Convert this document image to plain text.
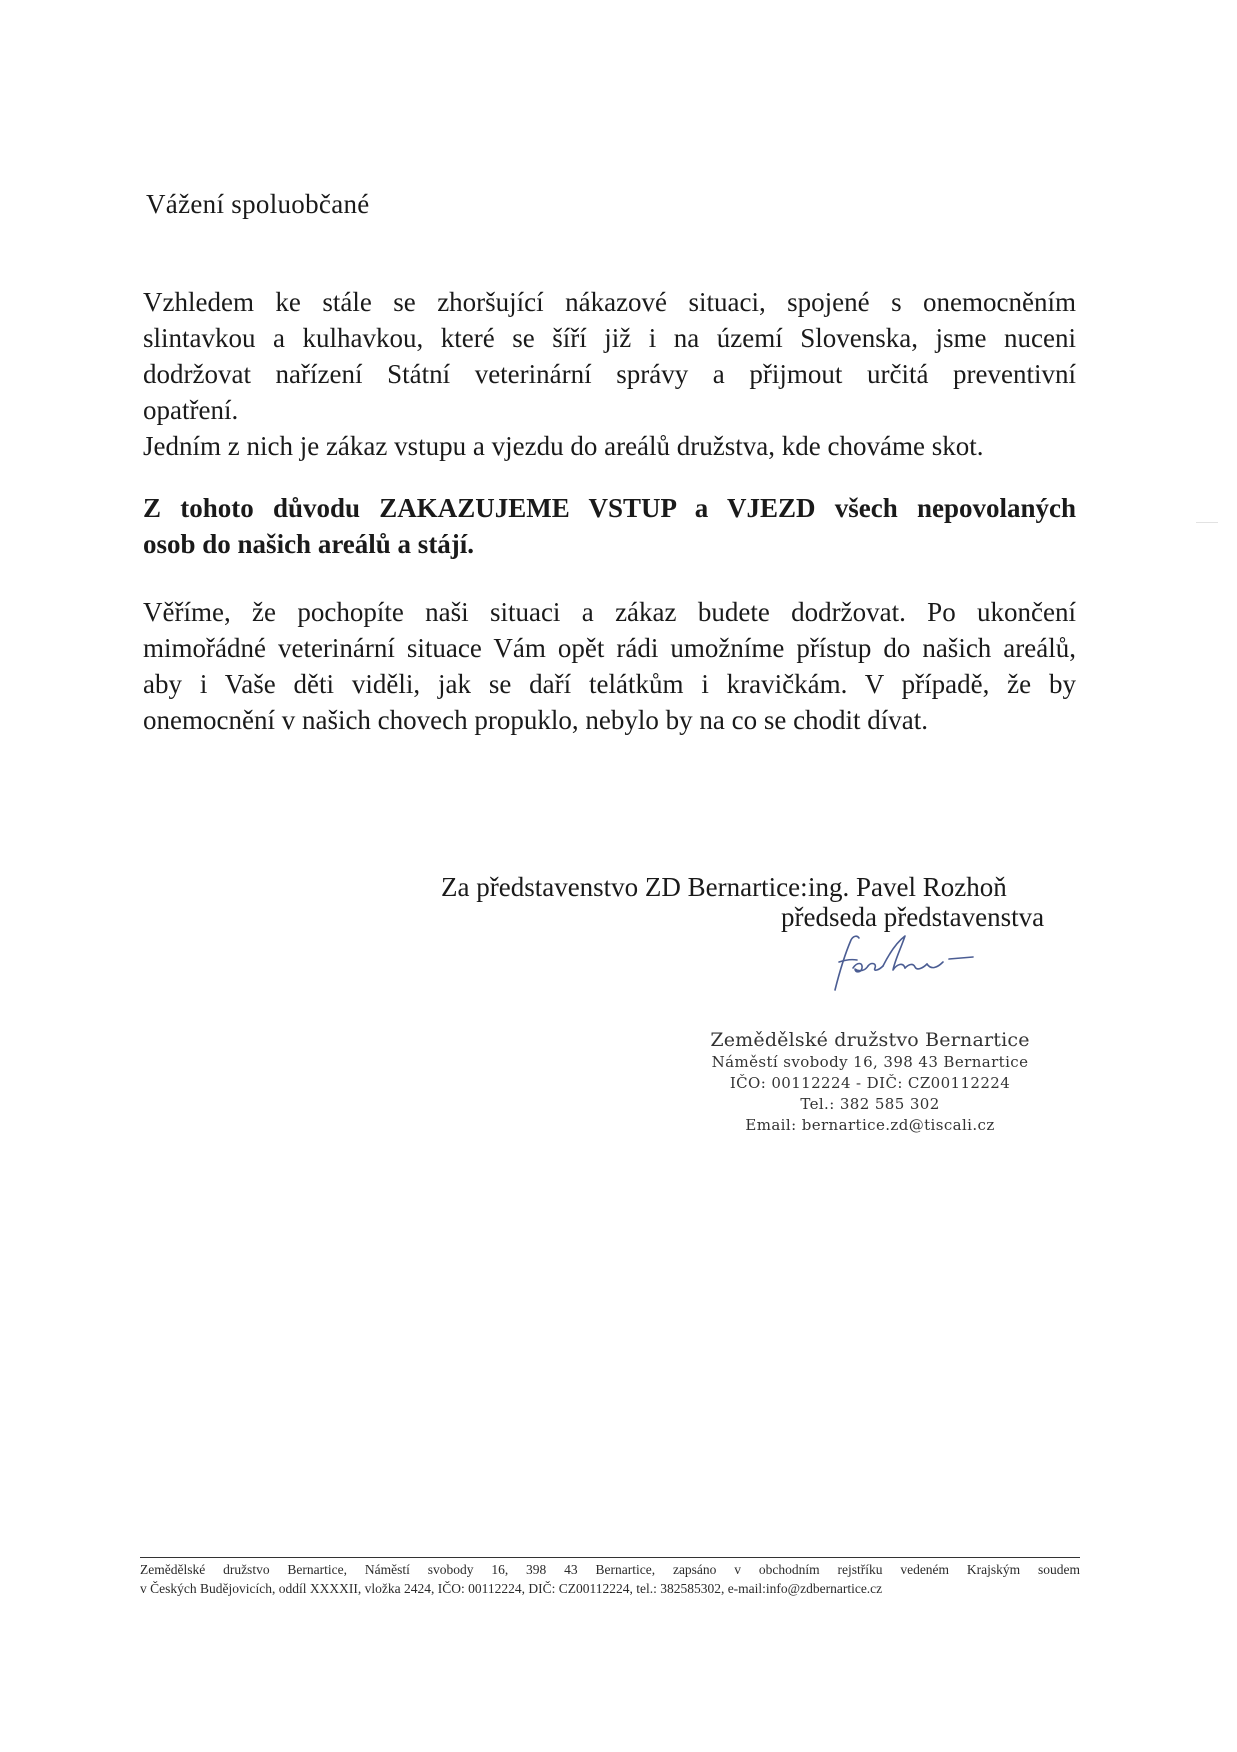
Vážení spoluobčané
Vzhledem ke stále se zhoršující nákazové situaci, spojené s onemocněním
slintavkou a kulhavkou, které se šíří již i na území Slovenska, jsme nuceni
dodržovat nařízení Státní veterinární správy a přijmout určitá preventivní
opatření.
Jedním z nich je zákaz vstupu a vjezdu do areálů družstva, kde chováme skot.
Z tohoto důvodu ZAKAZUJEME VSTUP a VJEZD všech nepovolaných
osob do našich areálů a stájí.
Věříme, že pochopíte naši situaci a zákaz budete dodržovat. Po ukončení
mimořádné veterinární situace Vám opět rádi umožníme přístup do našich areálů,
aby i Vaše děti viděli, jak se daří telátkům i kravičkám. V případě, že by
onemocnění v našich chovech propuklo, nebylo by na co se chodit dívat.
Za představenstvo ZD Bernartice: ing. Pavel Rozhoň
předseda představenstva
Zemědělské družstvo Bernartice
Náměstí svobody 16, 398 43 Bernartice
IČO: 00112224 - DIČ: CZ00112224
Tel.: 382 585 302
Email: bernartice.zd@tiscali.cz
Zemědělské družstvo Bernartice, Náměstí svobody 16, 398 43 Bernartice, zapsáno v obchodním rejstříku vedeném Krajským soudem
v Českých Budějovicích, oddíl XXXXII, vložka 2424, IČO: 00112224, DIČ: CZ00112224, tel.: 382585302, e-mail:info@zdbernartice.cz
